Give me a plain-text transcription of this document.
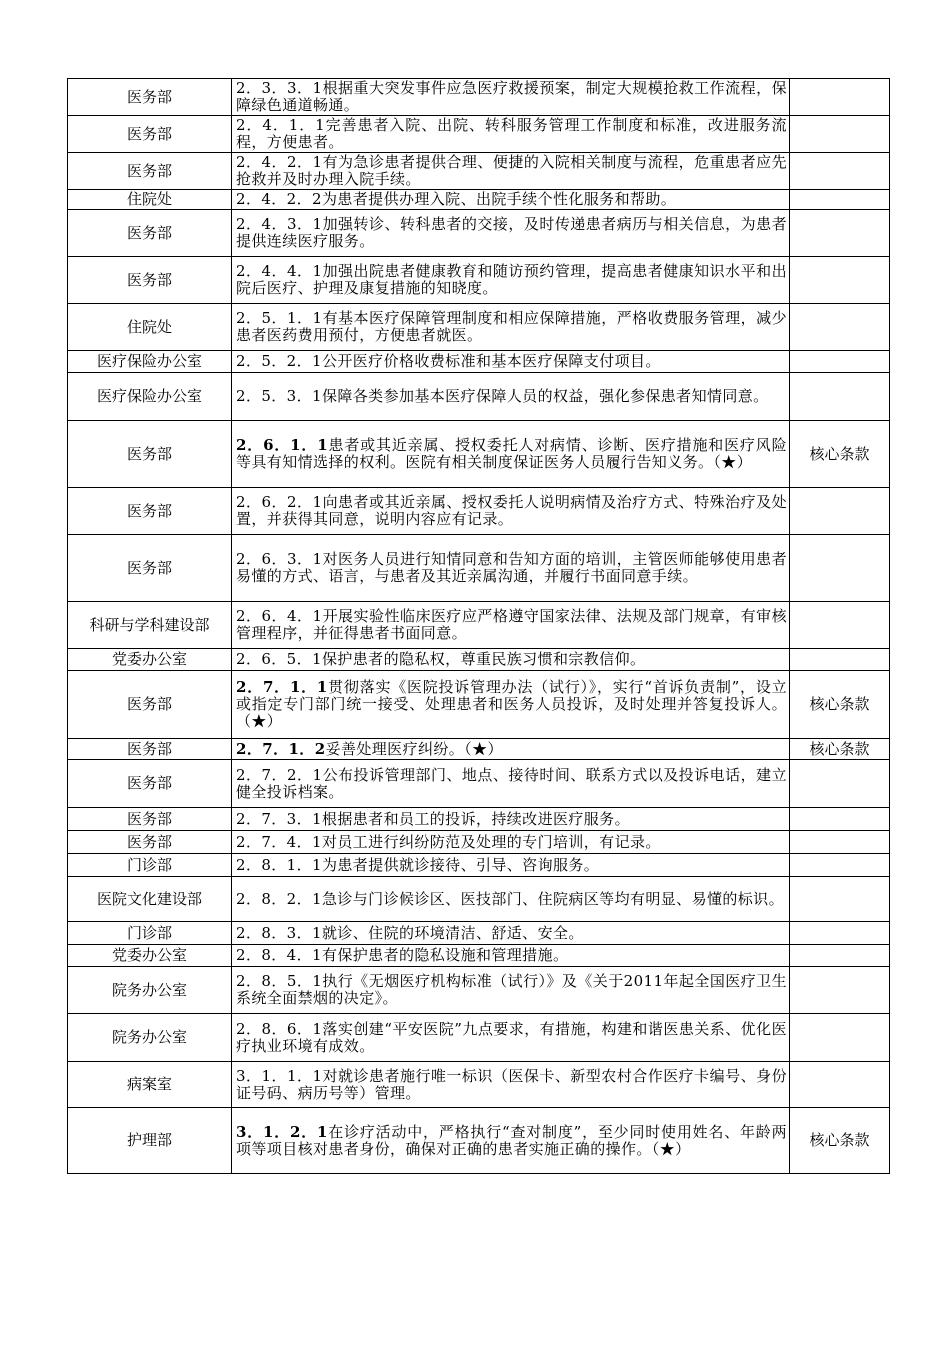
医务部	2．3．3．1根据重大突发事件应急医疗救援预案，制定大规模抢救工作流程，保障绿色通道畅通。	
医务部	2．4．1．1完善患者入院、出院、转科服务管理工作制度和标准，改进服务流程，方便患者。	
医务部	2．4．2．1有为急诊患者提供合理、便捷的入院相关制度与流程，危重患者应先抢救并及时办理入院手续。	
住院处	2．4．2．2为患者提供办理入院、出院手续个性化服务和帮助。	
医务部	2．4．3．1加强转诊、转科患者的交接，及时传递患者病历与相关信息，为患者提供连续医疗服务。	
医务部	2．4．4．1加强出院患者健康教育和随访预约管理，提高患者健康知识水平和出院后医疗、护理及康复措施的知晓度。	
住院处	2．5．1．1有基本医疗保障管理制度和相应保障措施，严格收费服务管理，减少患者医药费用预付，方便患者就医。	
医疗保险办公室	2．5．2．1公开医疗价格收费标准和基本医疗保障支付项目。	
医疗保险办公室	2．5．3．1保障各类参加基本医疗保障人员的权益，强化参保患者知情同意。	
医务部	2．6．1．1患者或其近亲属、授权委托人对病情、诊断、医疗措施和医疗风险等具有知情选择的权利。医院有相关制度保证医务人员履行告知义务。（★）	核心条款
医务部	2．6．2．1向患者或其近亲属、授权委托人说明病情及治疗方式、特殊治疗及处置，并获得其同意，说明内容应有记录。	
医务部	2．6．3．1对医务人员进行知情同意和告知方面的培训，主管医师能够使用患者易懂的方式、语言，与患者及其近亲属沟通，并履行书面同意手续。	
科研与学科建设部	2．6．4．1开展实验性临床医疗应严格遵守国家法律、法规及部门规章，有审核管理程序，并征得患者书面同意。	
党委办公室	2．6．5．1保护患者的隐私权，尊重民族习惯和宗教信仰。	
医务部	2．7．1．1贯彻落实《医院投诉管理办法（试行）》，实行“首诉负责制”，设立或指定专门部门统一接受、处理患者和医务人员投诉，及时处理并答复投诉人。（★）	核心条款
医务部	2．7．1．2妥善处理医疗纠纷。（★）	核心条款
医务部	2．7．2．1公布投诉管理部门、地点、接待时间、联系方式以及投诉电话，建立健全投诉档案。	
医务部	2．7．3．1根据患者和员工的投诉，持续改进医疗服务。	
医务部	2．7．4．1对员工进行纠纷防范及处理的专门培训，有记录。	
门诊部	2．8．1．1为患者提供就诊接待、引导、咨询服务。	
医院文化建设部	2．8．2．1急诊与门诊候诊区、医技部门、住院病区等均有明显、易懂的标识。	
门诊部	2．8．3．1就诊、住院的环境清洁、舒适、安全。	
党委办公室	2．8．4．1有保护患者的隐私设施和管理措施。	
院务办公室	2．8．5．1执行《无烟医疗机构标准（试行）》及《关于2011年起全国医疗卫生系统全面禁烟的决定》。	
院务办公室	2．8．6．1落实创建“平安医院”九点要求，有措施，构建和谐医患关系、优化医疗执业环境有成效。	
病案室	3．1．1．1对就诊患者施行唯一标识（医保卡、新型农村合作医疗卡编号、身份证号码、病历号等）管理。	
护理部	3．1．2．1在诊疗活动中，严格执行“查对制度”，至少同时使用姓名、年龄两项等项目核对患者身份，确保对正确的患者实施正确的操作。（★）	核心条款
